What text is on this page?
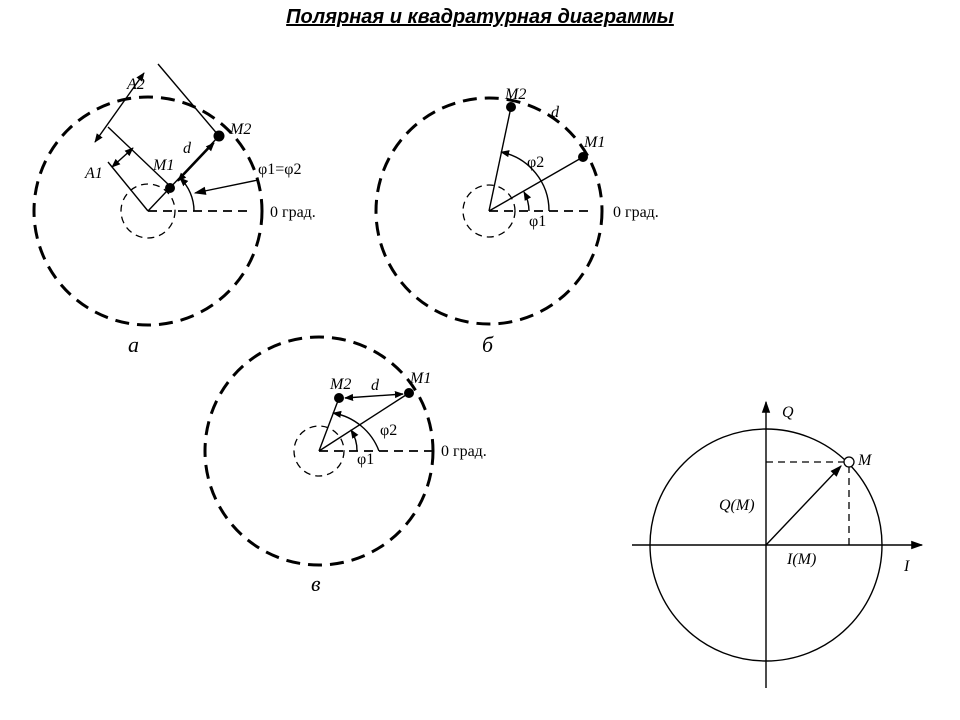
Полярная и квадратурная диаграммы
A2
A1	M1
M2
d
φ1=φ2
0 град.
а
M2
d
M1
φ2
φ1
0 град.
б
M2 d M1
φ2
φ1	0 град.
в
Q
I
M
Q(M)
I(M)
